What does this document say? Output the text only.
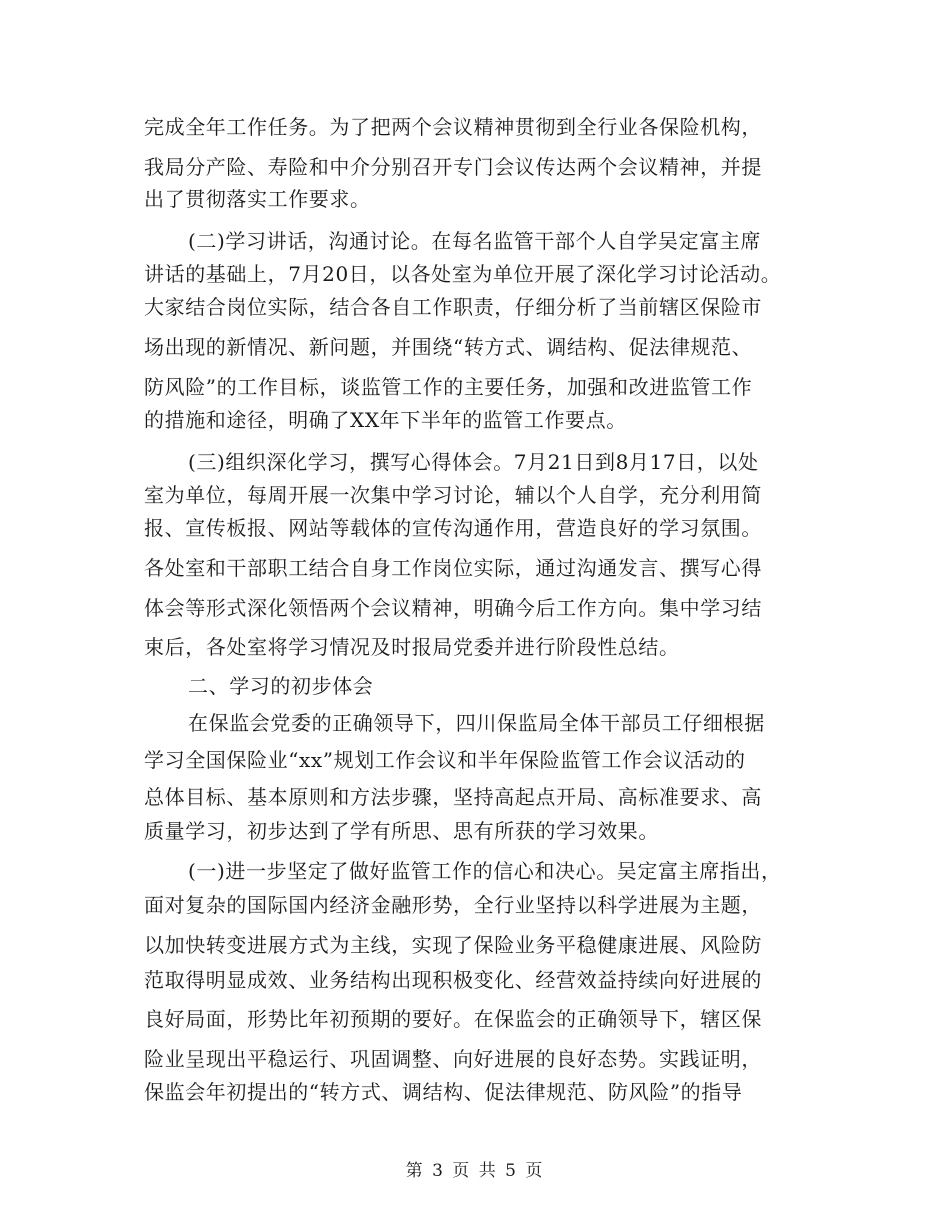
完成全年工作任务。为了把两个会议精神贯彻到全行业各保险机构，
我局分产险、寿险和中介分别召开专门会议传达两个会议精神，并提
出了贯彻落实工作要求。
(二)学习讲话，沟通讨论。在每名监管干部个人自学吴定富主席
讲话的基础上，7月20日，以各处室为单位开展了深化学习讨论活动。
大家结合岗位实际，结合各自工作职责，仔细分析了当前辖区保险市
场出现的新情况、新问题，并围绕“转方式、调结构、促法律规范、
防风险”的工作目标，谈监管工作的主要任务，加强和改进监管工作
的措施和途径，明确了XX年下半年的监管工作要点。
(三)组织深化学习，撰写心得体会。7月21日到8月17日，以处
室为单位，每周开展一次集中学习讨论，辅以个人自学，充分利用简
报、宣传板报、网站等载体的宣传沟通作用，营造良好的学习氛围。
各处室和干部职工结合自身工作岗位实际，通过沟通发言、撰写心得
体会等形式深化领悟两个会议精神，明确今后工作方向。集中学习结
束后，各处室将学习情况及时报局党委并进行阶段性总结。
二、学习的初步体会
在保监会党委的正确领导下，四川保监局全体干部员工仔细根据
学习全国保险业“xx”规划工作会议和半年保险监管工作会议活动的
总体目标、基本原则和方法步骤，坚持高起点开局、高标准要求、高
质量学习，初步达到了学有所思、思有所获的学习效果。
(一)进一步坚定了做好监管工作的信心和决心。吴定富主席指出，
面对复杂的国际国内经济金融形势，全行业坚持以科学进展为主题，
以加快转变进展方式为主线，实现了保险业务平稳健康进展、风险防
范取得明显成效、业务结构出现积极变化、经营效益持续向好进展的
良好局面，形势比年初预期的要好。在保监会的正确领导下，辖区保
险业呈现出平稳运行、巩固调整、向好进展的良好态势。实践证明，
保监会年初提出的“转方式、调结构、促法律规范、防风险”的指导
第 3 页 共 5 页
